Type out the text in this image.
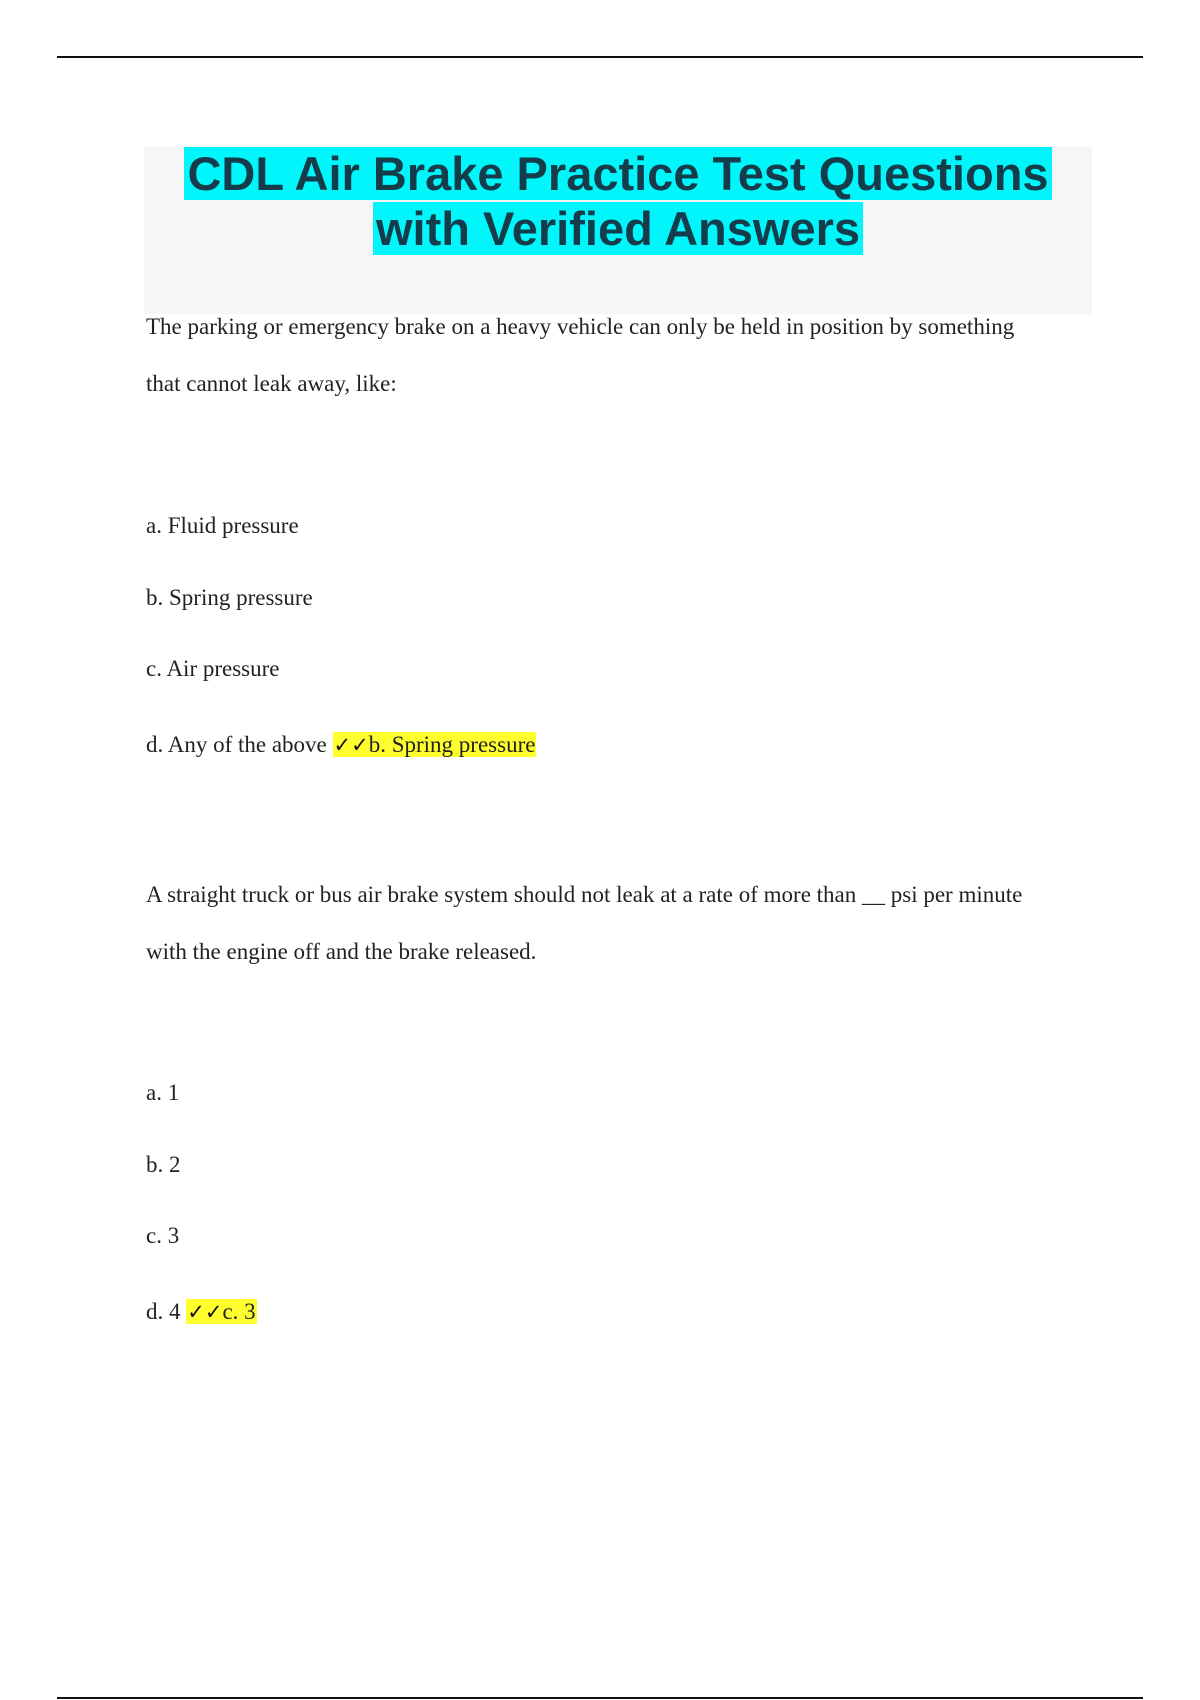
CDL Air Brake Practice Test Questions
with Verified Answers

The parking or emergency brake on a heavy vehicle can only be held in position by something

that cannot leak away, like:

a. Fluid pressure

b. Spring pressure

c. Air pressure

d. Any of the above ✓✓b. Spring pressure

A straight truck or bus air brake system should not leak at a rate of more than __ psi per minute

with the engine off and the brake released.

a. 1

b. 2

c. 3

d. 4 ✓✓c. 3
